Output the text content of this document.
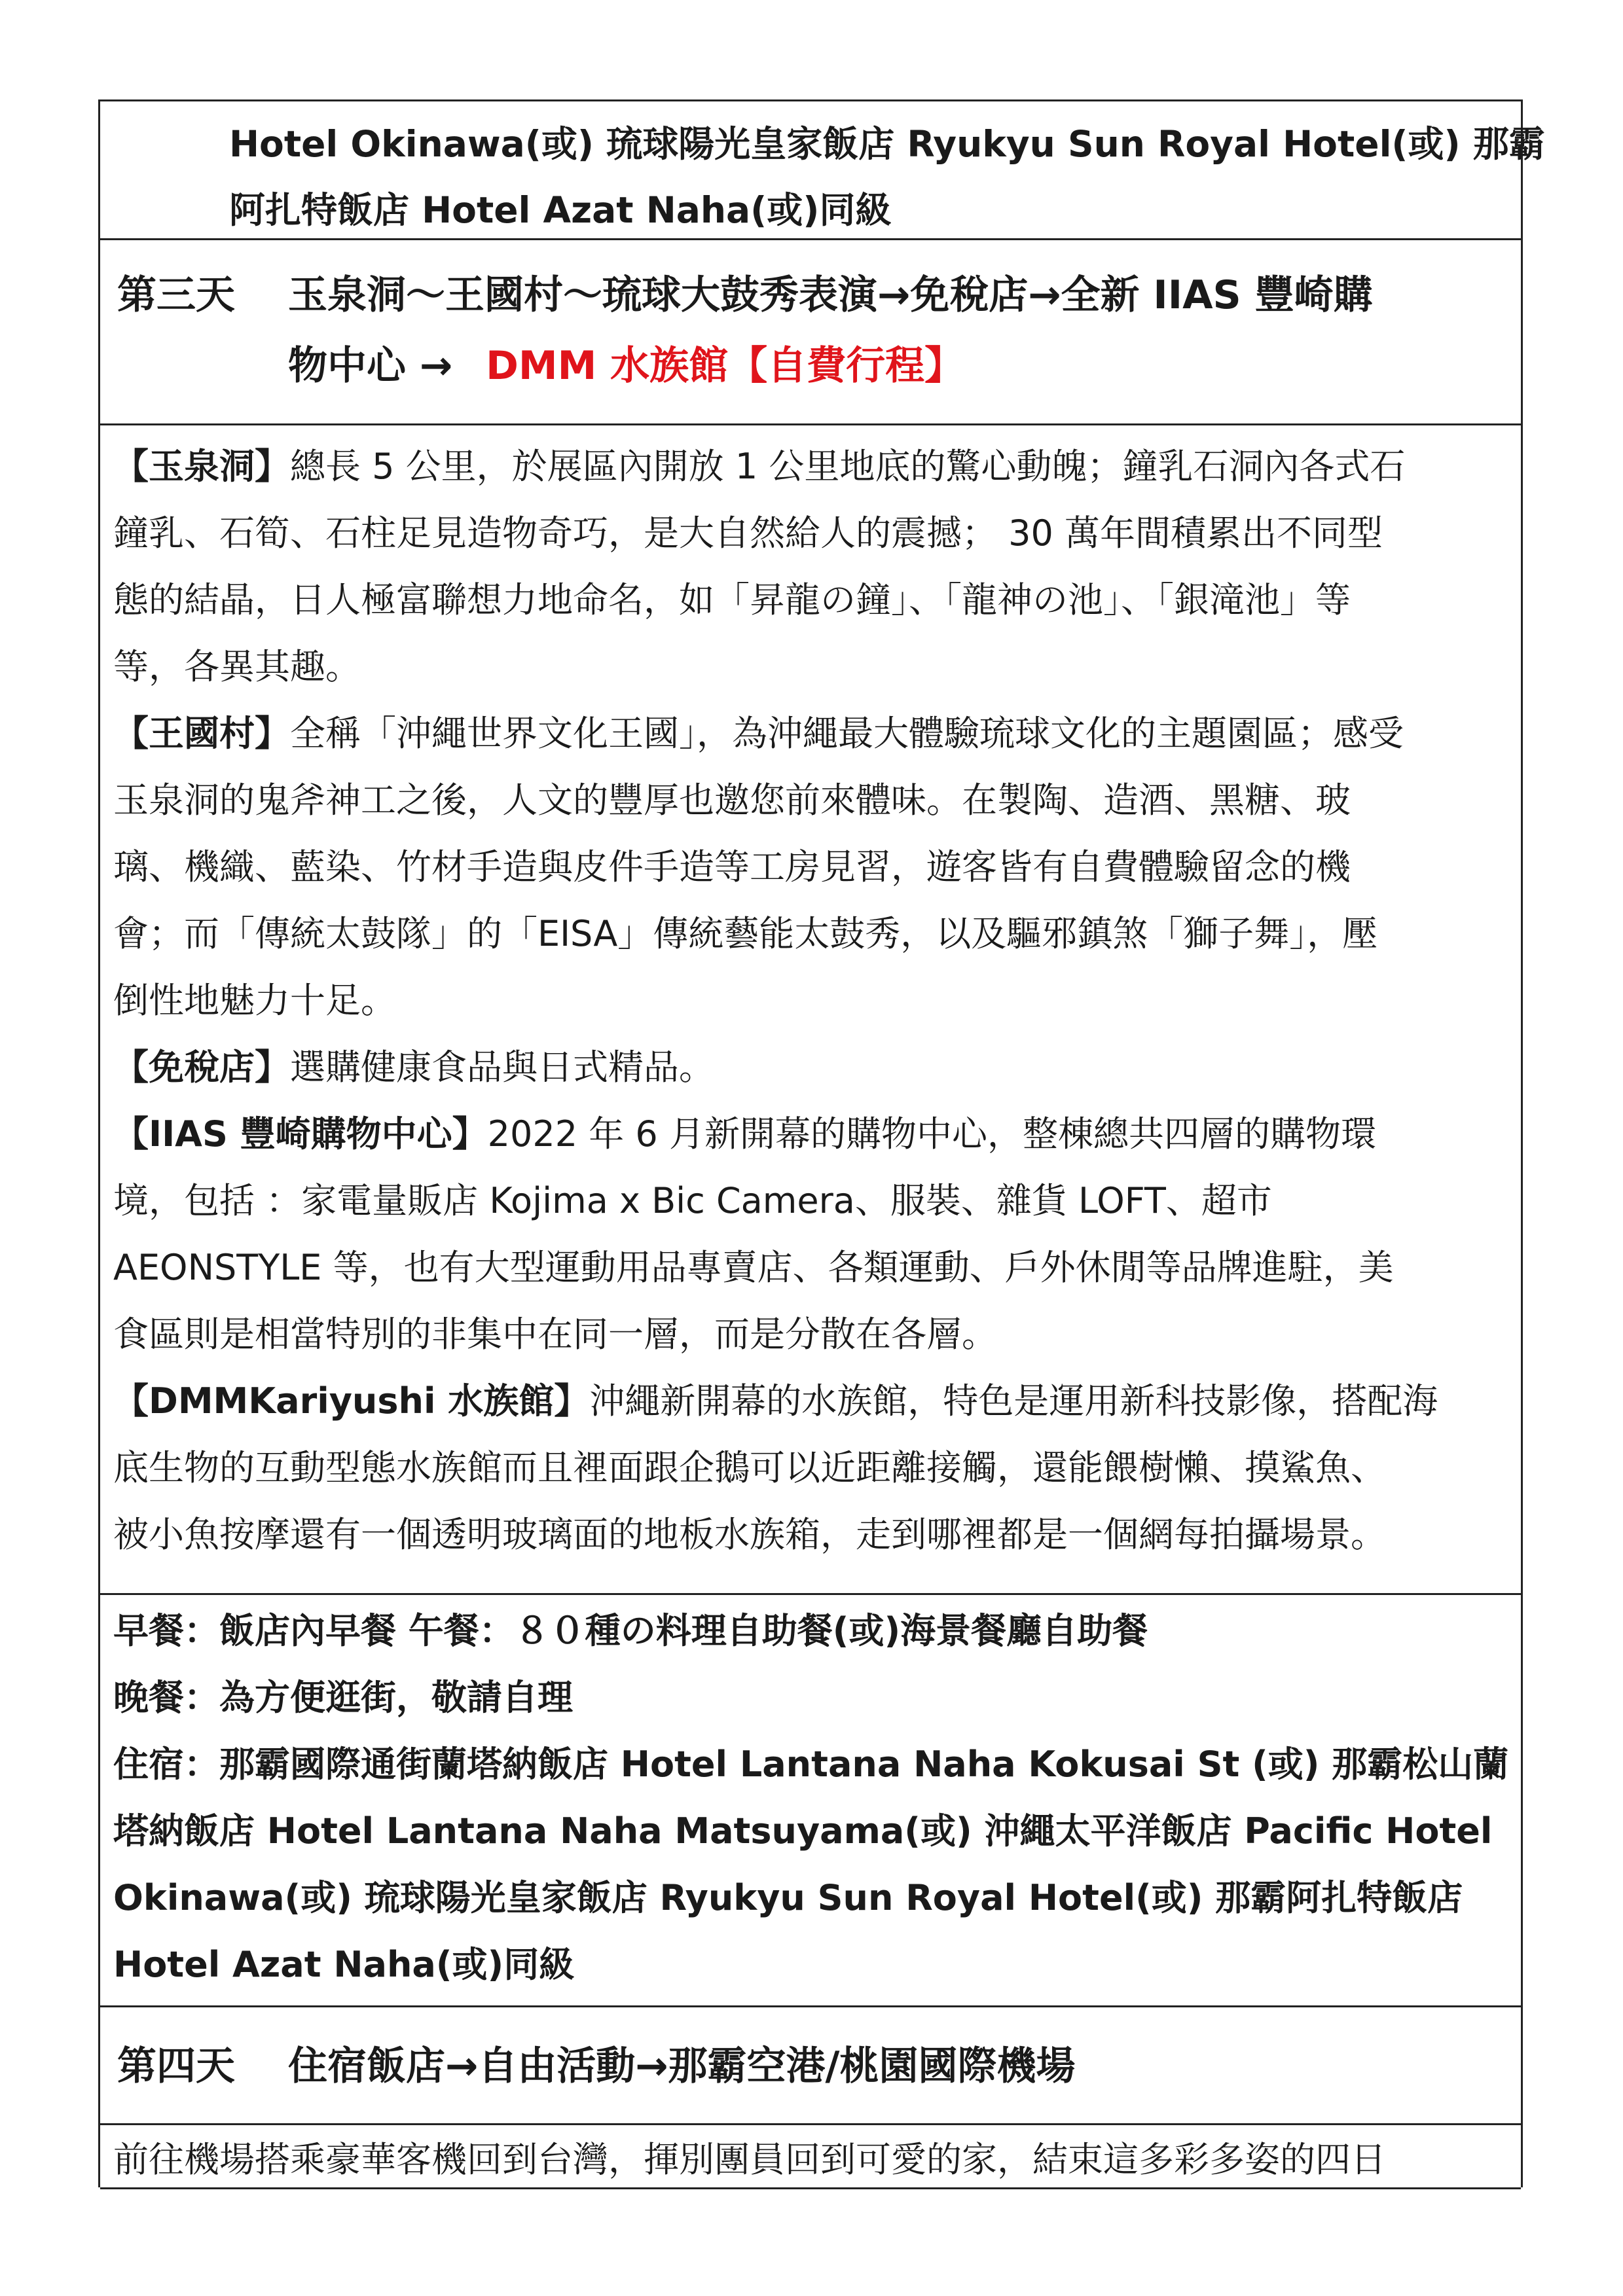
Hotel Okinawa(或) 琉球陽光皇家飯店 Ryukyu Sun Royal Hotel(或) 那霸
阿扎特飯店 Hotel Azat Naha(或)同級
第三天 玉泉洞～王國村～琉球大鼓秀表演→免稅店→全新 IIAS 豐崎購
物中心 → DMM 水族館【自費行程】
【玉泉洞】總長 5 公里，於展區內開放 1 公里地底的驚心動魄；鐘乳石洞內各式石
鐘乳、石筍、石柱足見造物奇巧，是大自然給人的震撼； 30 萬年間積累出不同型
態的結晶，日人極富聯想力地命名，如「昇龍の鐘」、「龍神の池」、「銀滝池」等
等，各異其趣。
【王國村】全稱「沖繩世界文化王國」，為沖繩最大體驗琉球文化的主題園區；感受
玉泉洞的鬼斧神工之後，人文的豐厚也邀您前來體味。在製陶、造酒、黑糖、玻
璃、機織、藍染、竹材手造與皮件手造等工房見習，遊客皆有自費體驗留念的機
會；而「傳統太鼓隊」的「EISA」傳統藝能太鼓秀，以及驅邪鎮煞「獅子舞」，壓
倒性地魅力十足。
【免稅店】選購健康食品與日式精品。
【IIAS 豐崎購物中心】2022 年 6 月新開幕的購物中心，整棟總共四層的購物環
境，包括 ：家電量販店 Kojima x Bic Camera、服裝、雜貨 LOFT、超市
AEONSTYLE 等，也有大型運動用品專賣店、各類運動、戶外休閒等品牌進駐，美
食區則是相當特別的非集中在同一層，而是分散在各層。
【DMMKariyushi 水族館】沖繩新開幕的水族館，特色是運用新科技影像，搭配海
底生物的互動型態水族館而且裡面跟企鵝可以近距離接觸，還能餵樹懶、摸鯊魚、
被小魚按摩還有一個透明玻璃面的地板水族箱，走到哪裡都是一個網每拍攝場景。
早餐：飯店內早餐 午餐：８０種の料理自助餐(或)海景餐廳自助餐
晚餐：為方便逛街，敬請自理
住宿：那霸國際通街蘭塔納飯店 Hotel Lantana Naha Kokusai St (或) 那霸松山蘭
塔納飯店 Hotel Lantana Naha Matsuyama(或) 沖繩太平洋飯店 Pacific Hotel
Okinawa(或) 琉球陽光皇家飯店 Ryukyu Sun Royal Hotel(或) 那霸阿扎特飯店
Hotel Azat Naha(或)同級
第四天 住宿飯店→自由活動→那霸空港/桃園國際機場
前往機場搭乘豪華客機回到台灣，揮別團員回到可愛的家，結束這多彩多姿的四日
